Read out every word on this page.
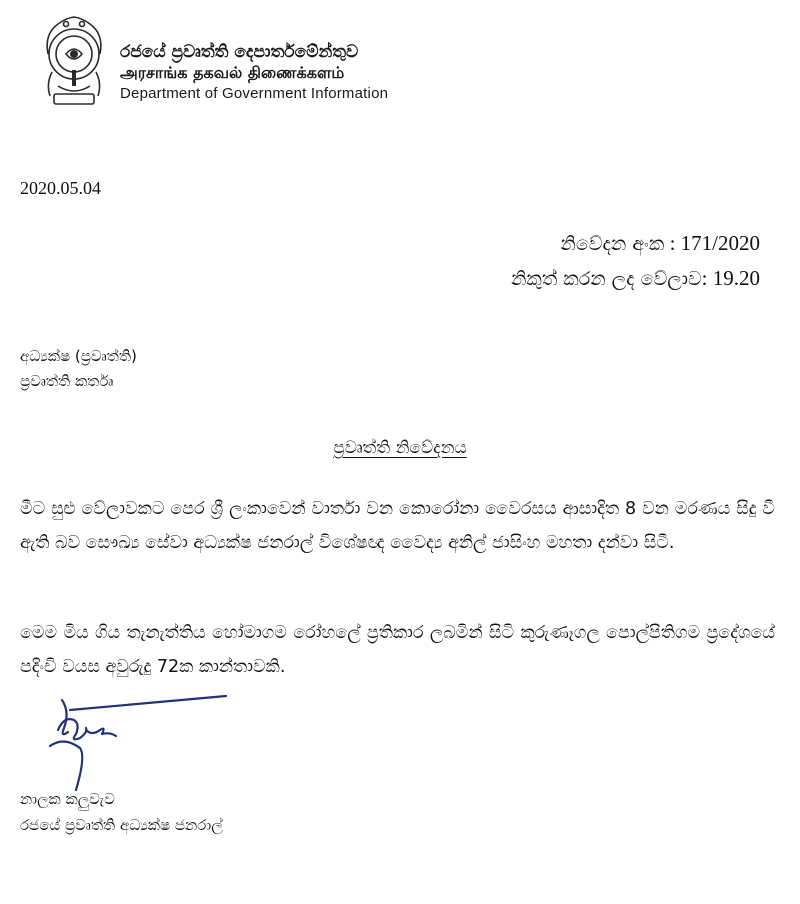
රජයේ ප්‍රවෘත්ති දෙපාර්තමේන්තුව
அரசாங்க தகவல் திணைக்களம்
Department of Government Information
2020.05.04
නිවේදන අංක : 171/2020
නිකුත් කරන ලද වේලාව: 19.20
අධ්‍යක්ෂ (ප්‍රවෘත්ති)
ප්‍රවෘත්ති කර්තෘ
ප්‍රවෘත්ති නිවේදනය
මීට සුළු වේලාවකට පෙර ශ්‍රී ලංකාවෙන් වාර්තා වන කොරෝනා වෛරසය ආසාදිත 8 වන මරණය සිදු වී ඇති බව සෞඛ්‍ය සේවා අධ්‍යක්ෂ ජනරාල් විශේෂඥ වෛද්‍ය අනිල් ජාසිංහ මහතා දන්වා සිටී.
මෙම මිය ගිය තැනැත්තිය හෝමාගම රෝහලේ ප්‍රතිකාර ලබමින් සිටි කුරුණෑගල පොල්පිතිගම ප්‍රදේශයේ පදිංචි වයස අවුරුදු 72ක කාන්තාවකි.
නාලක කලුවැව
රජයේ ප්‍රවෘත්ති අධ්‍යක්ෂ ජනරාල්
